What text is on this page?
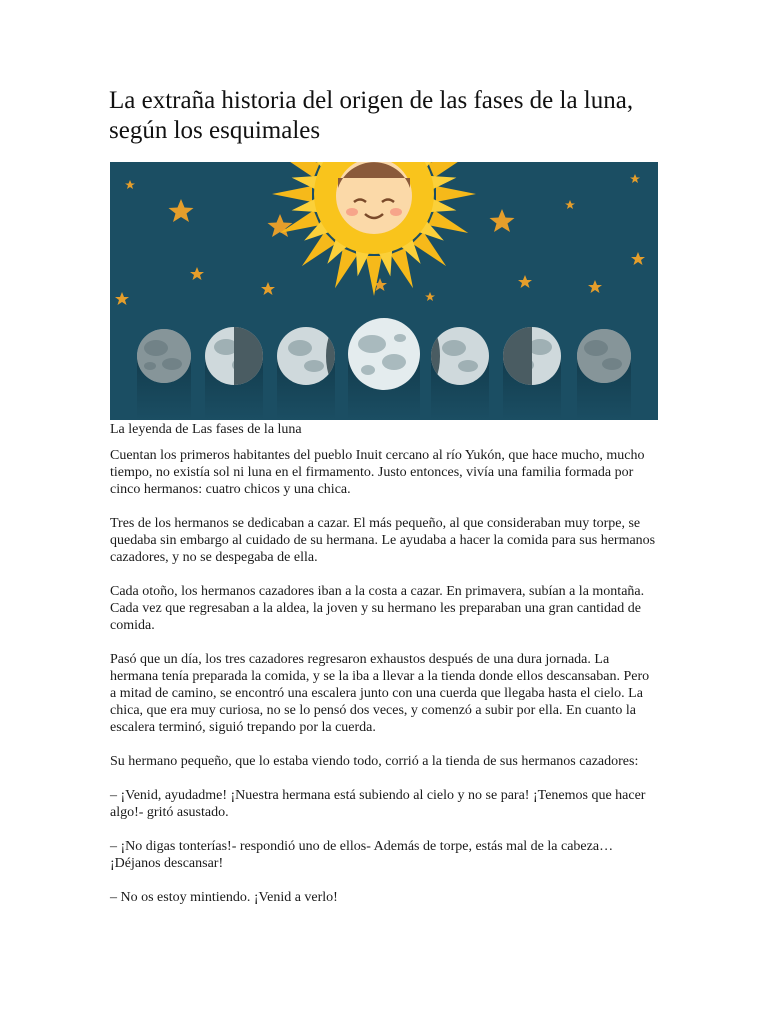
La extraña historia del origen de las fases de la luna, según los esquimales
La leyenda de Las fases de la luna

Cuentan los primeros habitantes del pueblo Inuit cercano al río Yukón, que hace mucho, mucho tiempo, no existía sol ni luna en el firmamento. Justo entonces, vivía una familia formada por cinco hermanos: cuatro chicos y una chica.

Tres de los hermanos se dedicaban a cazar. El más pequeño, al que consideraban muy torpe, se quedaba sin embargo al cuidado de su hermana. Le ayudaba a hacer la comida para sus hermanos cazadores, y no se despegaba de ella.

Cada otoño, los hermanos cazadores iban a la costa a cazar. En primavera, subían a la montaña. Cada vez que regresaban a la aldea, la joven y su hermano les preparaban una gran cantidad de comida.

Pasó que un día, los tres cazadores regresaron exhaustos después de una dura jornada. La hermana tenía preparada la comida, y se la iba a llevar a la tienda donde ellos descansaban. Pero a mitad de camino, se encontró una escalera junto con una cuerda que llegaba hasta el cielo. La chica, que era muy curiosa, no se lo pensó dos veces, y comenzó a subir por ella. En cuanto la escalera terminó, siguió trepando por la cuerda.

Su hermano pequeño, que lo estaba viendo todo, corrió a la tienda de sus hermanos cazadores:

– ¡Venid, ayudadme! ¡Nuestra hermana está subiendo al cielo y no se para! ¡Tenemos que hacer algo!- gritó asustado.

– ¡No digas tonterías!- respondió uno de ellos- Además de torpe, estás mal de la cabeza… ¡Déjanos descansar!

– No os estoy mintiendo. ¡Venid a verlo!
